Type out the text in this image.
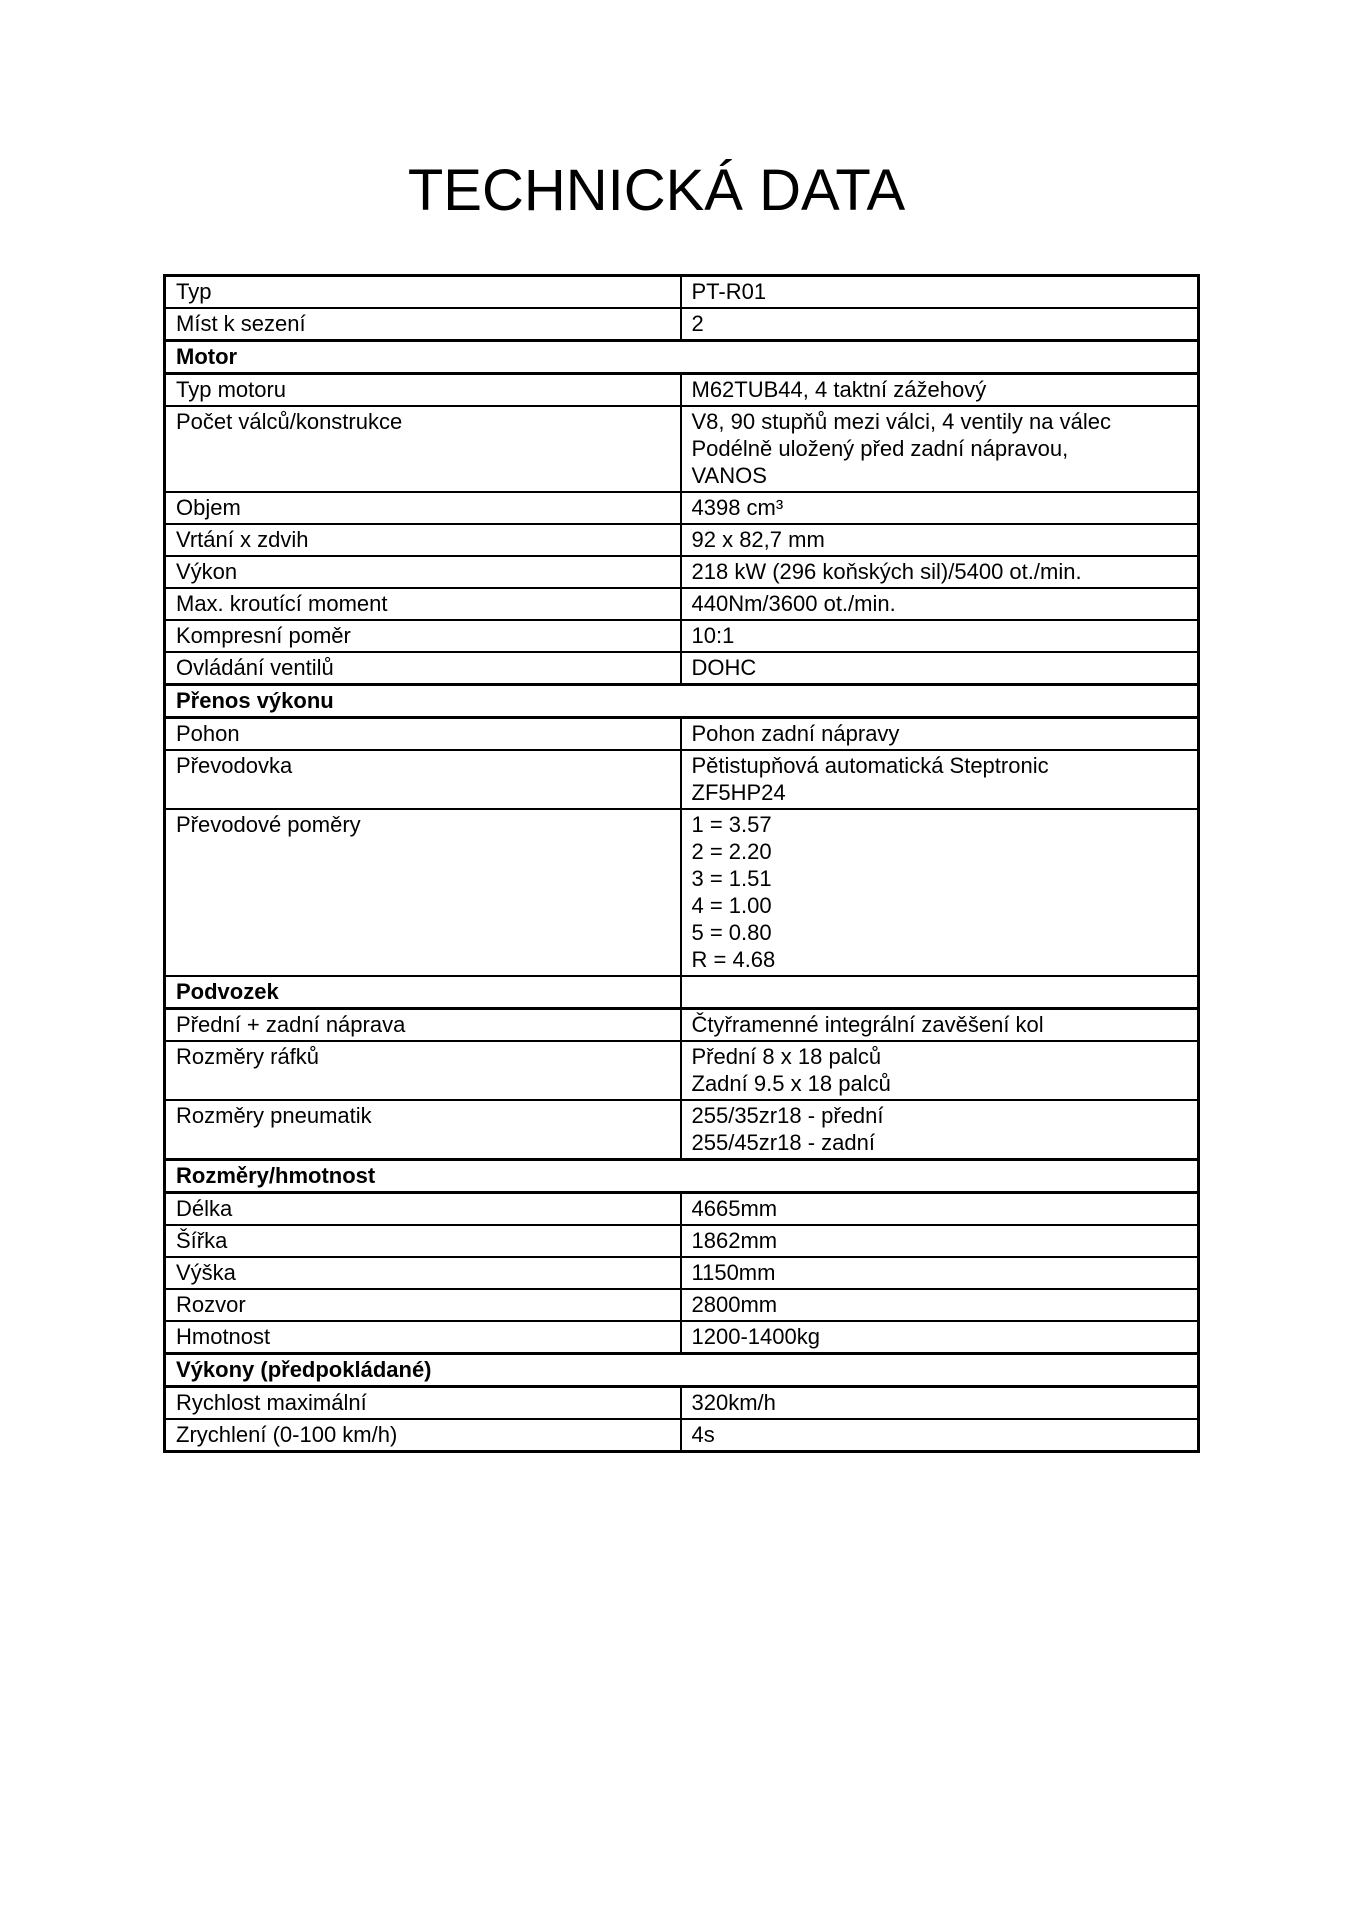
TECHNICKÁ DATA
Typ	PT-R01
Míst k sezení	2
Motor	
Typ motoru	M62TUB44, 4 taktní zážehový
Počet válců/konstrukce	V8, 90 stupňů mezi válci, 4 ventily na válec
Podélně uložený před zadní nápravou,
VANOS

Objem	4398 cm³
Vrtání x zdvih	92 x 82,7 mm
Výkon	218 kW (296 koňských sil)/5400 ot./min.
Max. kroutící moment	440Nm/3600 ot./min.
Kompresní poměr	10:1
Ovládání ventilů	DOHC
Přenos výkonu	
Pohon	Pohon zadní nápravy
Převodovka	Pětistupňová automatická Steptronic
ZF5HP24

Převodové poměry	1 = 3.57
2 = 2.20
3 = 1.51
4 = 1.00
5 = 0.80
R = 4.68

Podvozek	
Přední + zadní náprava	Čtyřramenné integrální zavěšení kol
Rozměry ráfků	Přední 8 x 18 palců
Zadní 9.5 x 18 palců

Rozměry pneumatik	255/35zr18 - přední
255/45zr18 - zadní

Rozměry/hmotnost	
Délka	4665mm
Šířka	1862mm
Výška	1150mm
Rozvor	2800mm
Hmotnost	1200-1400kg
Výkony (předpokládané)	
Rychlost maximální	320km/h
Zrychlení (0-100 km/h)	4s
